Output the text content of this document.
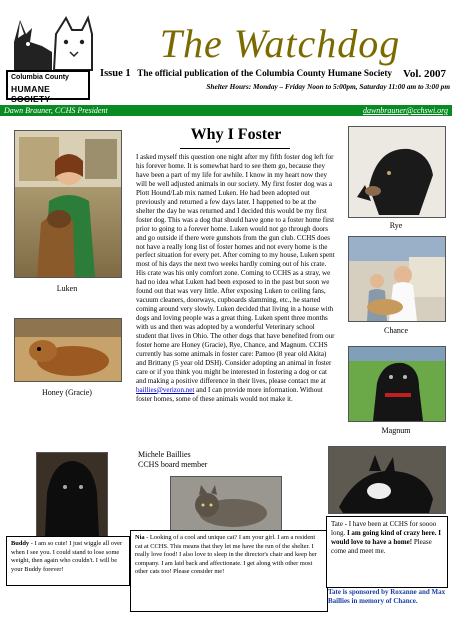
Columbia County
HUMANE SOCIETY
The Watchdog
Issue 1 The official publication of the Columbia County Humane Society Vol. 2007
Shelter Hours: Monday – Friday Noon to 5:00pm, Saturday 11:00 am to 3:00 pm
Dawn Brauner, CCHS President	dawnbrauner@cchswi.org
Luken
Honey (Gracie)
Why I Foster
I asked myself this question one night after my fifth foster dog left for his forever home. It is somewhat hard to see them go, because they have been a part of my life for awhile. I know in my heart now they will be well adjusted animals in our society. My first foster dog was a Plott Hound/Lab mix named Luken. He had been adopted out previously and returned a few days later. I happened to be at the shelter the day he was returned and I decided this would be my first foster dog. This was a dog that should have gone to a foster home first prior to going to a forever home. Luken would not go through doors and go outside if there were gunshots from the gun club. CCHS does not have a really long list of foster homes and not every home is the perfect situation for every pet. After coming to my house, Luken spent most of his days the next two weeks hardly coming out of his crate. His crate was his only comfort zone. Coming to CCHS as a stray, we had no idea what Luken had been exposed to in the past but soon we found out that was very little. After exposing Luken to ceiling fans, vacuum cleaners, doorways, cupboards slamming, etc., he started coming around very slowly. Luken decided that living in a house with dogs and loving people was a great thing. Luken spent three months with us and then was adopted by a wonderful Veterinary school student that lives in Ohio. The other dogs that have benefited from our foster home are Honey (Gracie), Rye, Chance, and Magnum. CCHS currently has some animals in foster care: Pamoo (8 year old Akita) and Brittany (5 year old DSH). Consider adopting an animal in foster care or if you think you might be interested in fostering a dog or cat and making a positive difference in their lives, please contact me at baillies@verizon.net and I can provide more information. Without foster homes, some of these animals would not make it.
Michele Baillies
CCHS board member
Rye
Chance
Magnum
Buddy - I am so cute! I just wiggle all over when I see you. I could stand to lose some weight, then again who couldn't. I will be your Buddy forever!
Nia - Looking of a cool and unique cat? I am your girl. I am a resident cat at CCHS. This means that they let me have the run of the shelter. I really love food! I also love to sleep in the director's chair and keep her company. I am laid back and affectionate. I get along with other most other cats too! Please consider me!
Tate - I have been at CCHS for soooo long. I am going kind of crazy here. I would love to have a home! Please come and meet me.
Tate is sponsored by Roxanne and Max Baillies in memory of Chance.
